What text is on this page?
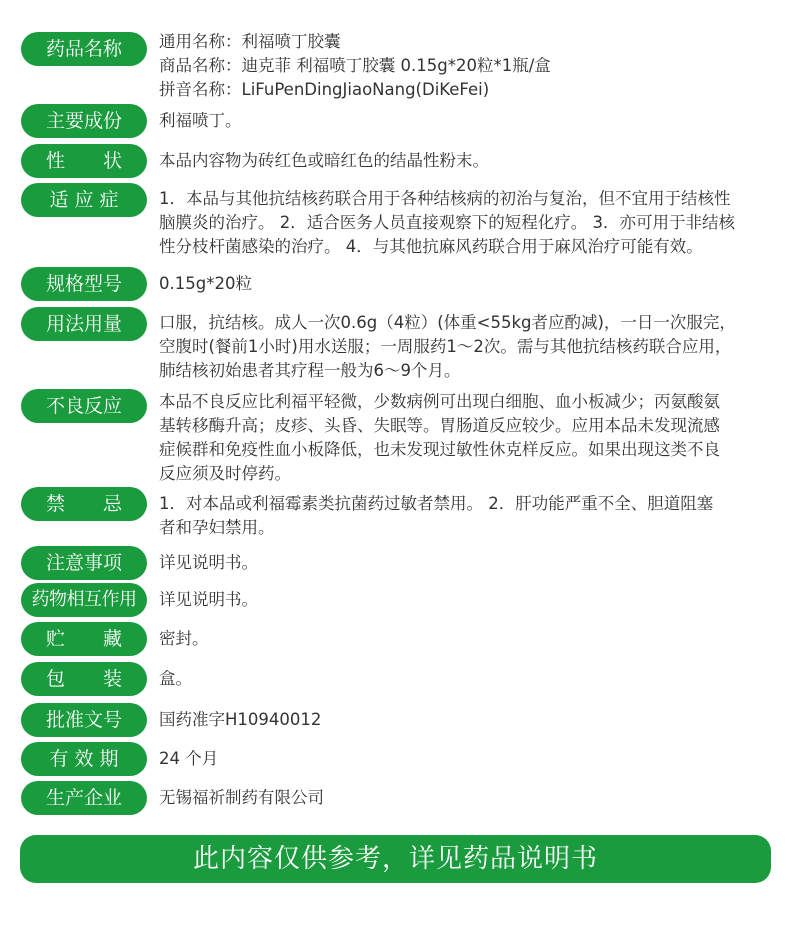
药品名称	通用名称：利福喷丁胶囊
商品名称：迪克菲 利福喷丁胶囊 0.15g*20粒*1瓶/盒
拼音名称：LiFuPenDingJiaoNang(DiKeFei)
主要成份	利福喷丁。
性　　状	本品内容物为砖红色或暗红色的结晶性粉末。
适 应 症	1．本品与其他抗结核药联合用于各种结核病的初治与复治，但不宜用于结核性
脑膜炎的治疗。 2．适合医务人员直接观察下的短程化疗。 3．亦可用于非结核
性分枝杆菌感染的治疗。 4．与其他抗麻风药联合用于麻风治疗可能有效。
规格型号	0.15g*20粒
用法用量	口服，抗结核。成人一次0.6g（4粒）(体重<55kg者应酌减)，一日一次服完，
空腹时(餐前1小时)用水送服；一周服药1～2次。需与其他抗结核药联合应用，
肺结核初始患者其疗程一般为6～9个月。
不良反应	本品不良反应比利福平轻微，少数病例可出现白细胞、血小板减少；丙氨酸氨
基转移酶升高；皮疹、头昏、失眠等。胃肠道反应较少。应用本品未发现流感
症候群和免疫性血小板降低，也未发现过敏性休克样反应。如果出现这类不良
反应须及时停药。
禁　　忌	1．对本品或利福霉素类抗菌药过敏者禁用。 2．肝功能严重不全、胆道阻塞
者和孕妇禁用。
注意事项	详见说明书。
药物相互作用	详见说明书。
贮　　藏	密封。
包　　装	盒。
批准文号	国药准字H10940012
有 效 期	24 个月
生产企业	无锡福祈制药有限公司
此内容仅供参考，详见药品说明书
